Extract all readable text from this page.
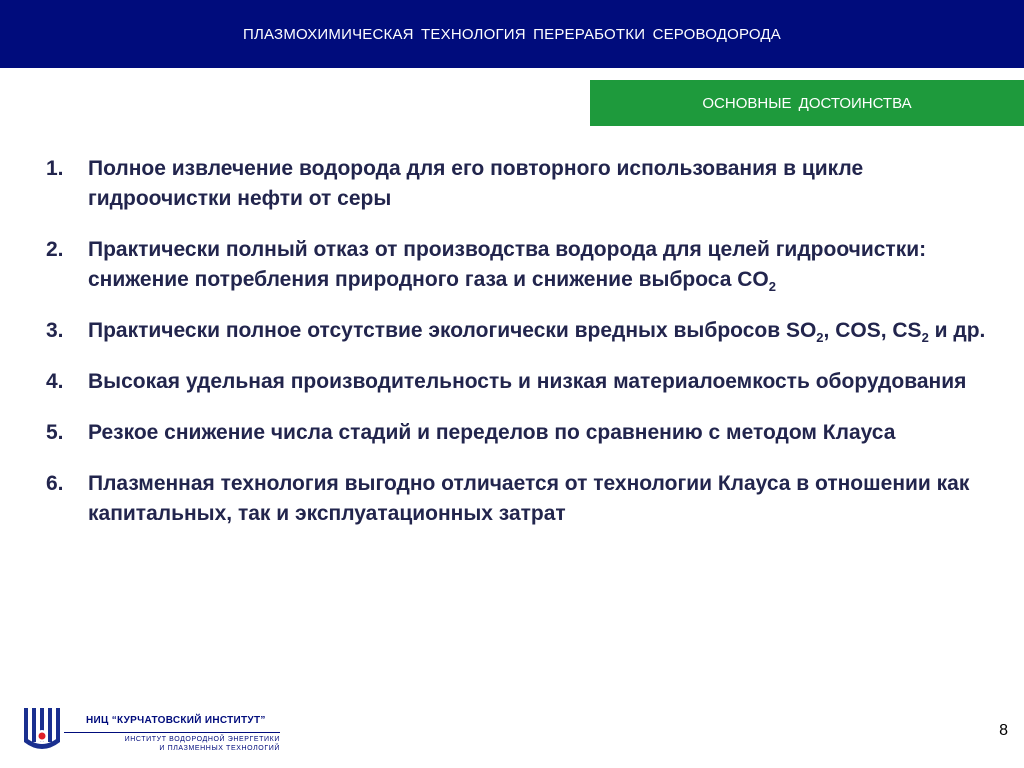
ПЛАЗМОХИМИЧЕСКАЯ ТЕХНОЛОГИЯ ПЕРЕРАБОТКИ СЕРОВОДОРОДА
ОСНОВНЫЕ ДОСТОИНСТВА
1. Полное извлечение водорода для его повторного использования в цикле гидроочистки нефти от серы
2. Практически полный отказ от производства водорода для целей гидроочистки: снижение потребления природного газа и снижение выброса $CO_2$
3. Практически полное отсутствие экологически вредных выбросов $SO_2$, COS, $CS_2$ и др.
4. Высокая удельная производительность и низкая материалоемкость оборудования
5. Резкое снижение числа стадий и переделов по сравнению с методом Клауса
6. Плазменная технология выгодно отличается от технологии Клауса в отношении как капитальных, так и эксплуатационных затрат
НИЦ “КУРЧАТОВСКИЙ ИНСТИТУТ”
ИНСТИТУТ ВОДОРОДНОЙ ЭНЕРГЕТИКИ
И ПЛАЗМЕННЫХ ТЕХНОЛОГИЙ
8
